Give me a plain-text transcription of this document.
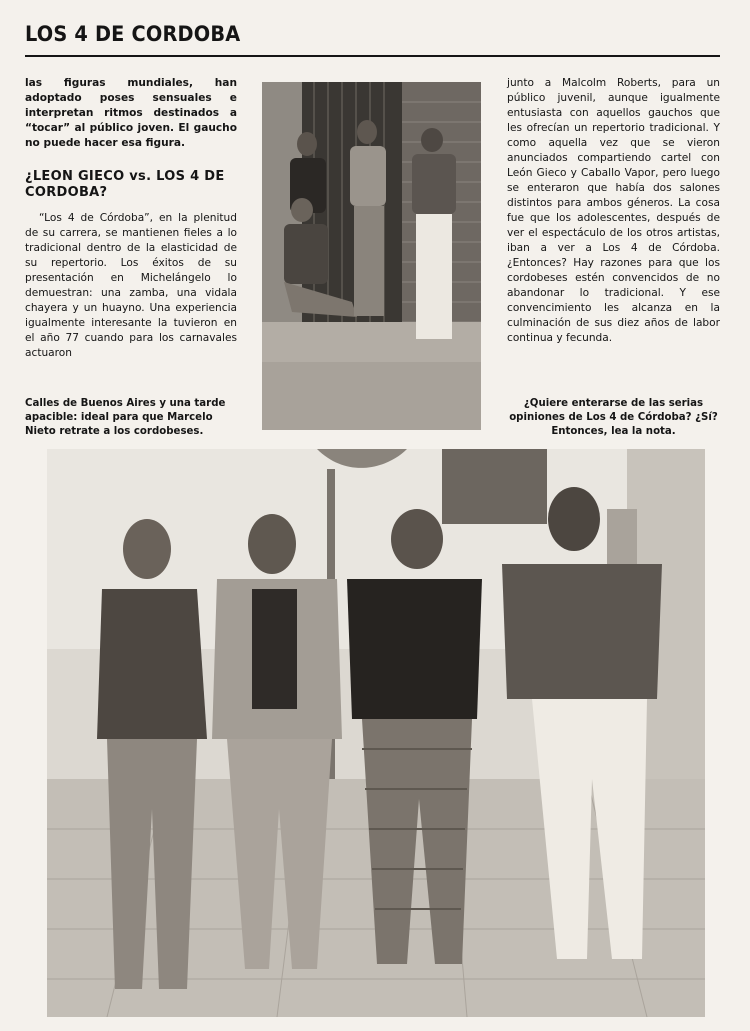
LOS 4 DE CORDOBA
las figuras mundiales, han adoptado poses sensuales e interpretan ritmos destinados a “tocar” al público joven. El gaucho no puede hacer esa figura.
¿LEON GIECO vs. LOS 4 DE CORDOBA?
“Los 4 de Córdoba”, en la plenitud de su carrera, se mantienen fieles a lo tradicional dentro de la elasticidad de su repertorio. Los éxitos de su presentación en Michelángelo lo demuestran: una zamba, una vidala chayera y un huayno. Una experiencia igualmente interesante la tuvieron en el año 77 cuando para los carnavales actuaron
Calles de Buenos Aires y una tarde apacible: ideal para que Marcelo Nieto retrate a los cordobeses.
junto a Malcolm Roberts, para un público juvenil, aunque igualmente entusiasta con aquellos gauchos que les ofrecían un repertorio tradicional. Y como aquella vez que se vieron anunciados compartiendo cartel con León Gieco y Caballo Vapor, pero luego se enteraron que había dos salones distintos para ambos géneros. La cosa fue que los adolescentes, después de ver el espectáculo de los otros artistas, iban a ver a Los 4 de Córdoba. ¿Entonces? Hay razones para que los cordobeses estén convencidos de no abandonar lo tradicional. Y ese convencimiento les alcanza en la culminación de sus diez años de labor continua y fecunda.
¿Quiere enterarse de las serias opiniones de Los 4 de Córdoba? ¿Sí? Entonces, lea la nota.
